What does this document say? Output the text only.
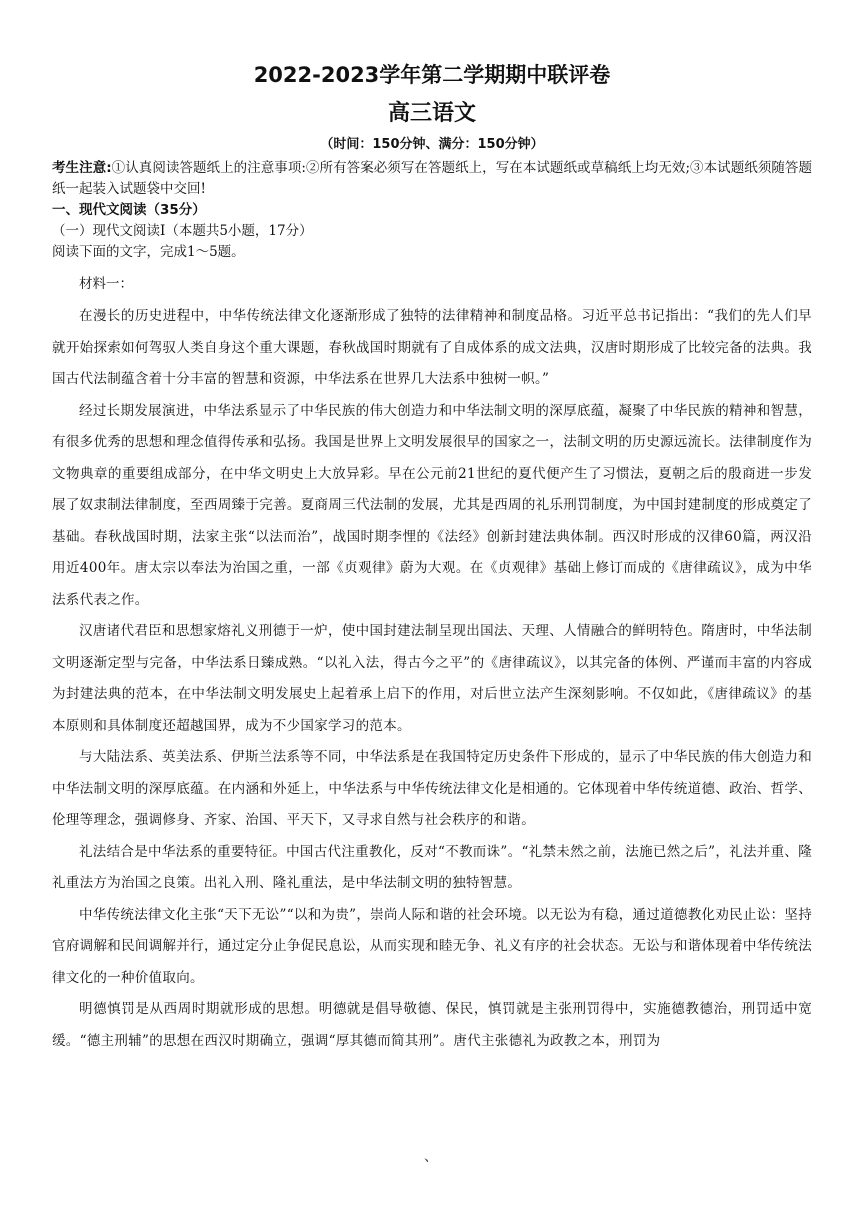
2022-2023学年第二学期期中联评卷
高三语文

（时间：150分钟、满分：150分钟）

考生注意:①认真阅读答题纸上的注意事项:②所有答案必须写在答题纸上，写在本试题纸或草稿纸上均无效;③本试题纸须随答题纸一起装入试题袋中交回!

一、现代文阅读（35分）

（一）现代文阅读Ⅰ（本题共5小题，17分）

阅读下面的文字，完成1～5题。

材料一：

在漫长的历史进程中，中华传统法律文化逐渐形成了独特的法律精神和制度品格。习近平总书记指出：“我们的先人们早就开始探索如何驾驭人类自身这个重大课题，春秋战国时期就有了自成体系的成文法典，汉唐时期形成了比较完备的法典。我国古代法制蕴含着十分丰富的智慧和资源，中华法系在世界几大法系中独树一帜。”

经过长期发展演进，中华法系显示了中华民族的伟大创造力和中华法制文明的深厚底蕴，凝聚了中华民族的精神和智慧，有很多优秀的思想和理念值得传承和弘扬。我国是世界上文明发展很早的国家之一，法制文明的历史源远流长。法律制度作为文物典章的重要组成部分，在中华文明史上大放异彩。早在公元前21世纪的夏代便产生了习惯法，夏朝之后的殷商进一步发展了奴隶制法律制度，至西周臻于完善。夏商周三代法制的发展，尤其是西周的礼乐刑罚制度，为中国封建制度的形成奠定了基础。春秋战国时期，法家主张“以法而治”，战国时期李悝的《法经》创新封建法典体制。西汉时形成的汉律60篇，两汉沿用近400年。唐太宗以奉法为治国之重，一部《贞观律》蔚为大观。在《贞观律》基础上修订而成的《唐律疏议》，成为中华法系代表之作。

汉唐诸代君臣和思想家熔礼义刑德于一炉，使中国封建法制呈现出国法、天理、人情融合的鲜明特色。隋唐时，中华法制文明逐渐定型与完备，中华法系日臻成熟。“以礼入法，得古今之平”的《唐律疏议》，以其完备的体例、严谨而丰富的内容成为封建法典的范本，在中华法制文明发展史上起着承上启下的作用，对后世立法产生深刻影响。不仅如此，《唐律疏议》的基本原则和具体制度还超越国界，成为不少国家学习的范本。

与大陆法系、英美法系、伊斯兰法系等不同，中华法系是在我国特定历史条件下形成的，显示了中华民族的伟大创造力和中华法制文明的深厚底蕴。在内涵和外延上，中华法系与中华传统法律文化是相通的。它体现着中华传统道德、政治、哲学、伦理等理念，强调修身、齐家、治国、平天下，又寻求自然与社会秩序的和谐。

礼法结合是中华法系的重要特征。中国古代注重教化，反对“不教而诛”。“礼禁未然之前，法施已然之后”，礼法并重、隆礼重法方为治国之良策。出礼入刑、隆礼重法，是中华法制文明的独特智慧。

中华传统法律文化主张“天下无讼”“以和为贵”，崇尚人际和谐的社会环境。以无讼为有稳，通过道德教化劝民止讼：坚持官府调解和民间调解并行，通过定分止争促民息讼，从而实现和睦无争、礼义有序的社会状态。无讼与和谐体现着中华传统法律文化的一种价值取向。

明德慎罚是从西周时期就形成的思想。明德就是倡导敬德、保民，慎罚就是主张刑罚得中，实施德教德治，刑罚适中宽缓。“德主刑辅”的思想在西汉时期确立，强调“厚其德而简其刑”。唐代主张德礼为政教之本，刑罚为

、
